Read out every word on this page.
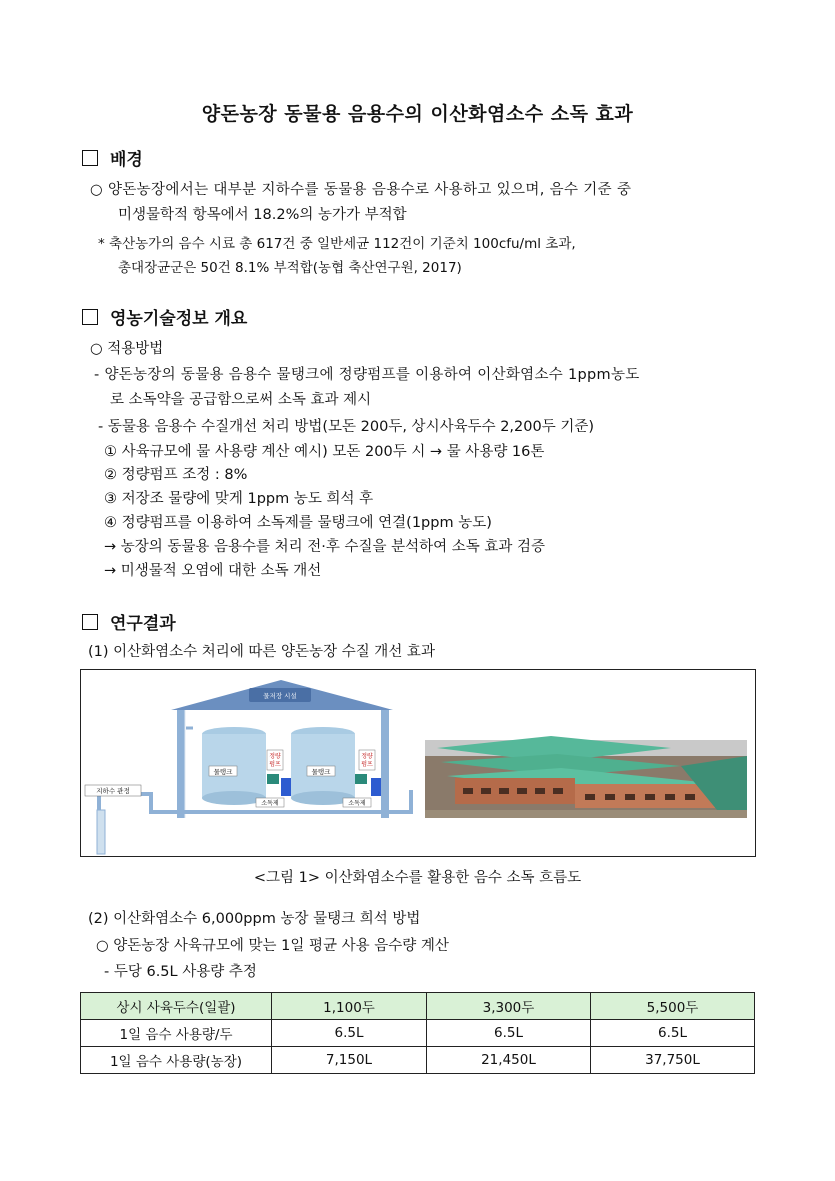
양돈농장 동물용 음용수의 이산화염소수 소독 효과
배경
○ 양돈농장에서는 대부분 지하수를 동물용 음용수로 사용하고 있으며, 음수 기준 중
미생물학적 항목에서 18.2%의 농가가 부적합
* 축산농가의 음수 시료 총 617건 중 일반세균 112건이 기준치 100cfu/ml 초과,
총대장균군은 50건 8.1% 부적합(농협 축산연구원, 2017)
영농기술정보 개요
○ 적용방법
- 양돈농장의 동물용 음용수 물탱크에 정량펌프를 이용하여 이산화염소수 1ppm농도
로 소독약을 공급함으로써 소독 효과 제시
- 동물용 음용수 수질개선 처리 방법(모돈 200두, 상시사육두수 2,200두 기준)
① 사육규모에 물 사용량 계산 예시) 모돈 200두 시 → 물 사용량 16톤
② 정량펌프 조정 : 8%
③ 저장조 물량에 맞게 1ppm 농도 희석 후
④ 정량펌프를 이용하여 소독제를 물탱크에 연결(1ppm 농도)
→ 농장의 동물용 음용수를 처리 전·후 수질을 분석하여 소독 효과 검증
→ 미생물적 오염에 대한 소독 개선
연구결과
(1) 이산화염소수 처리에 따른 양돈농장 수질 개선 효과
물저장 시설
물탱크	물탱크
정량
펌프
정량
펌프
소독제	소독제
지하수 관정
<그림 1> 이산화염소수를 활용한 음수 소독 흐름도
(2) 이산화염소수 6,000ppm 농장 물탱크 희석 방법
○ 양돈농장 사육규모에 맞는 1일 평균 사용 음수량 계산
- 두당 6.5L 사용량 추정
상시 사육두수(일괄)	1,100두	3,300두	5,500두
1일 음수 사용량/두	6.5L	6.5L	6.5L
1일 음수 사용량(농장)	7,150L	21,450L	37,750L
